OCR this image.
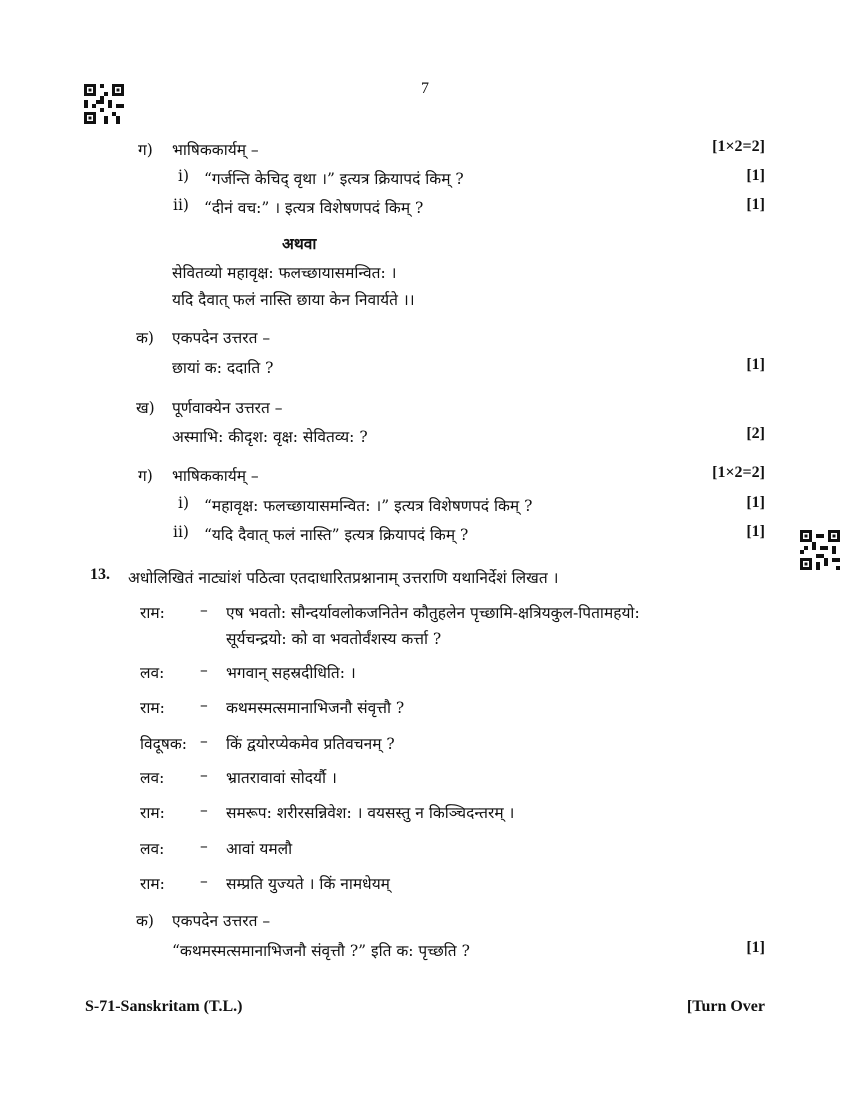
7
ग) भाषिककार्यम् –	[1×2=2]
i) “गर्जन्ति केचिद् वृथा ।” इत्यत्र क्रियापदं किम् ?	[1]
ii) “दीनं वच:” । इत्यत्र विशेषणपदं किम् ?	[1]
अथवा
सेवितव्यो महावृक्ष: फलच्छायासमन्वित: ।
यदि दैवात् फलं नास्ति छाया केन निवार्यते ।।
क) एकपदेन उत्तरत –
छायां क: ददाति ?	[1]
ख) पूर्णवाक्येन उत्तरत –
अस्माभि: कीदृश: वृक्ष: सेवितव्य: ?	[2]
ग) भाषिककार्यम् –	[1×2=2]
i) “महावृक्ष: फलच्छायासमन्वित: ।” इत्यत्र विशेषणपदं किम् ?	[1]
ii) “यदि दैवात् फलं नास्ति” इत्यत्र क्रियापदं किम् ?	[1]
13. अधोलिखितं नाट्यांशं पठित्वा एतदाधारितप्रश्नानाम् उत्तराणि यथानिर्देशं लिखत ।
राम: – एष भवतो: सौन्दर्यावलोकजनितेन कौतुहलेन पृच्छामि-क्षत्रियकुल-पितामहयो:
सूर्यचन्द्रयो: को वा भवतोर्वंशस्य कर्त्ता ?
लव: – भगवान् सहस्रदीधिति: ।
राम: – कथमस्मत्समानाभिजनौ संवृत्तौ ?
विदूषक: – किं द्वयोरप्येकमेव प्रतिवचनम् ?
लव: – भ्रातरावावां सोदर्यौ ।
राम: – समरूप: शरीरसन्निवेश: । वयसस्तु न किञ्चिदन्तरम् ।
लव: – आवां यमलौ
राम: – सम्प्रति युज्यते । किं नामधेयम्
क) एकपदेन उत्तरत –
“कथमस्मत्समानाभिजनौ संवृत्तौ ?” इति क: पृच्छति ?	[1]
S-71-Sanskritam (T.L.)	[Turn Over
